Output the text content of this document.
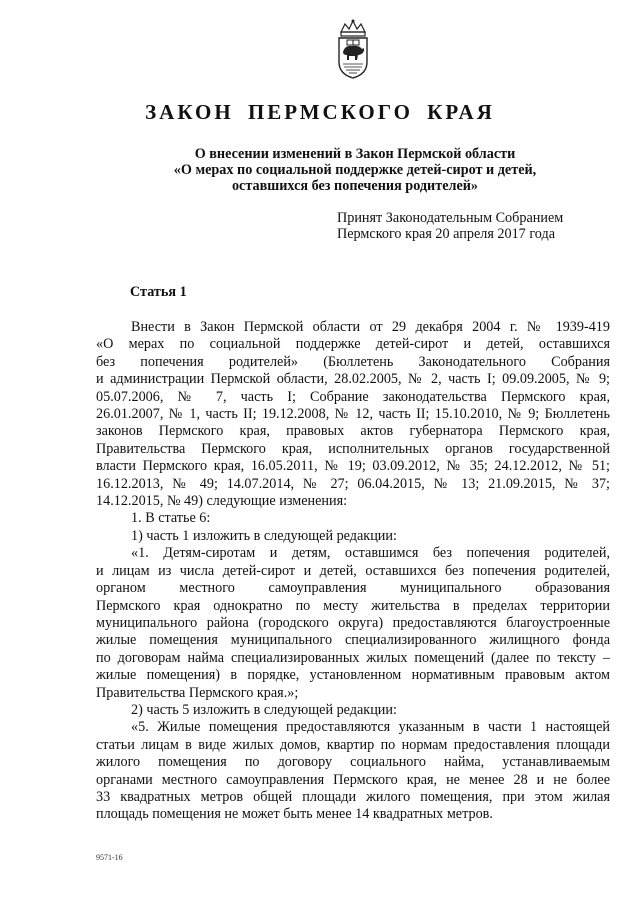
ЗАКОН ПЕРМСКОГО КРАЯ
О внесении изменений в Закон Пермской области
«О мерах по социальной поддержке детей-сирот и детей,
оставшихся без попечения родителей»
Принят Законодательным Собранием
Пермского края 20 апреля 2017 года
Статья 1

Внести в Закон Пермской области от 29 декабря 2004 г. № 1939-419

«О мерах по социальной поддержке детей-сирот и детей, оставшихся

без попечения родителей» (Бюллетень Законодательного Собрания

и администрации Пермской области, 28.02.2005, № 2, часть I; 09.09.2005, № 9;

05.07.2006, № 7, часть I; Собрание законодательства Пермского края,

26.01.2007, № 1, часть II; 19.12.2008, № 12, часть II; 15.10.2010, № 9; Бюллетень

законов Пермского края, правовых актов губернатора Пермского края,

Правительства Пермского края, исполнительных органов государственной

власти Пермского края, 16.05.2011, № 19; 03.09.2012, № 35; 24.12.2012, № 51;

16.12.2013, № 49; 14.07.2014, № 27; 06.04.2015, № 13; 21.09.2015, № 37;

14.12.2015, № 49) следующие изменения:

1. В статье 6:

1) часть 1 изложить в следующей редакции:

«1. Детям-сиротам и детям, оставшимся без попечения родителей,

и лицам из числа детей-сирот и детей, оставшихся без попечения родителей,

органом местного самоуправления муниципального образования

Пермского края однократно по месту жительства в пределах территории

муниципального района (городского округа) предоставляются благоустроенные

жилые помещения муниципального специализированного жилищного фонда

по договорам найма специализированных жилых помещений (далее по тексту –

жилые помещения) в порядке, установленном нормативным правовым актом

Правительства Пермского края.»;

2) часть 5 изложить в следующей редакции:

«5. Жилые помещения предоставляются указанным в части 1 настоящей

статьи лицам в виде жилых домов, квартир по нормам предоставления площади

жилого помещения по договору социального найма, устанавливаемым

органами местного самоуправления Пермского края, не менее 28 и не более

33 квадратных метров общей площади жилого помещения, при этом жилая

площадь помещения не может быть менее 14 квадратных метров.

9571-16
